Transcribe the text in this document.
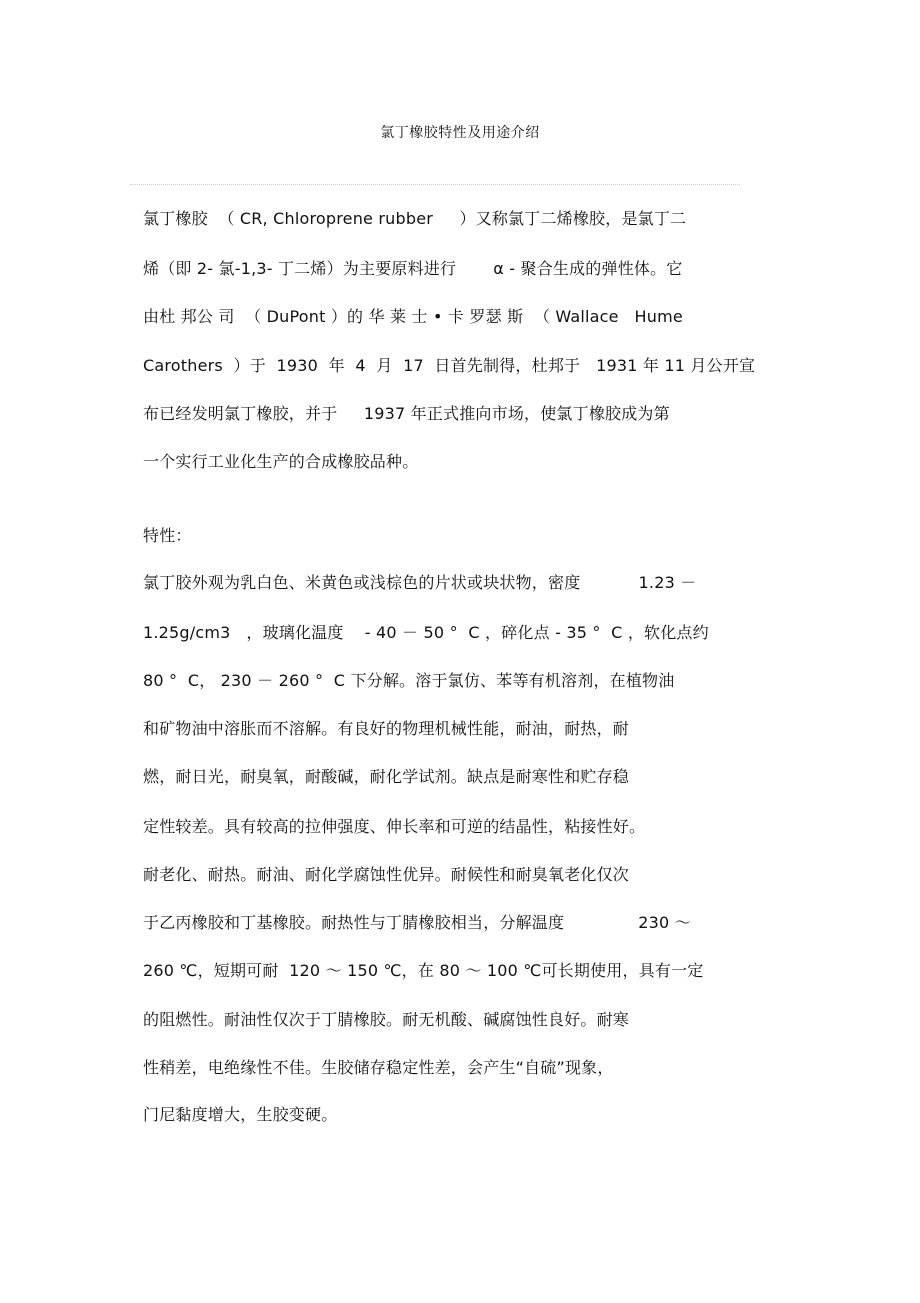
氯丁橡胶特性及用途介绍
氯丁橡胶  （ CR, Chloroprene rubber     ）又称氯丁二烯橡胶，是氯丁二
烯（即 2- 氯-1,3- 丁二烯）为主要原料进行       α - 聚合生成的弹性体。它
由杜 邦公 司  （ DuPont ）的 华 莱 士 • 卡 罗瑟 斯  （ Wallace   Hume
Carothers  ）于  1930  年  4  月  17  日首先制得，杜邦于   1931 年 11 月公开宣
布已经发明氯丁橡胶，并于     1937 年正式推向市场，使氯丁橡胶成为第
一个实行工业化生产的合成橡胶品种。
特性：
氯丁胶外观为乳白色、米黄色或浅棕色的片状或块状物，密度           1.23 －
1.25g/cm3   ，玻璃化温度    - 40 － 50 °  C ，碎化点 - 35 °  C ，软化点约
80 °  C， 230 － 260 °  C 下分解。溶于氯仿、苯等有机溶剂，在植物油
和矿物油中溶胀而不溶解。有良好的物理机械性能，耐油，耐热，耐
燃，耐日光，耐臭氧，耐酸碱，耐化学试剂。缺点是耐寒性和贮存稳
定性较差。具有较高的拉伸强度、伸长率和可逆的结晶性，粘接性好。
耐老化、耐热。耐油、耐化学腐蚀性优异。耐候性和耐臭氧老化仅次
于乙丙橡胶和丁基橡胶。耐热性与丁腈橡胶相当，分解温度              230 ～
260 ℃，短期可耐  120 ～ 150 ℃，在 80 ～ 100 ℃可长期使用，具有一定
的阻燃性。耐油性仅次于丁腈橡胶。耐无机酸、碱腐蚀性良好。耐寒
性稍差，电绝缘性不佳。生胶储存稳定性差，会产生“自硫”现象，
门尼黏度增大，生胶变硬。
